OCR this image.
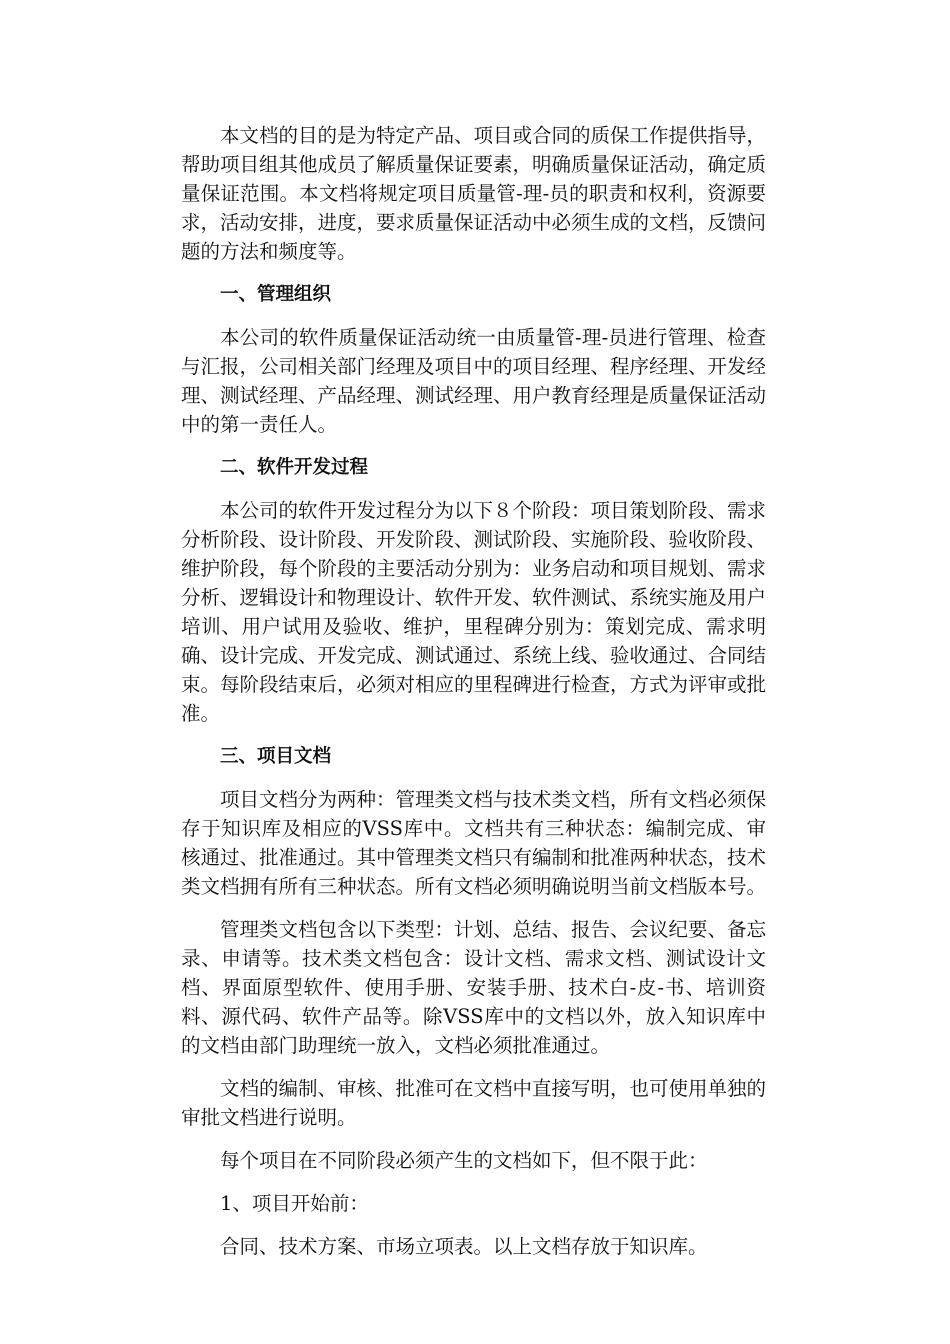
本文档的目的是为特定产品、项目或合同的质保工作提供指导，帮助项目组其他成员了解质量保证要素，明确质量保证活动，确定质量保证范围。本文档将规定项目质量管-理-员的职责和权利，资源要求，活动安排，进度，要求质量保证活动中必须生成的文档，反馈问题的方法和频度等。

一、管理组织

本公司的软件质量保证活动统一由质量管-理-员进行管理、检查与汇报，公司相关部门经理及项目中的项目经理、程序经理、开发经理、测试经理、产品经理、测试经理、用户教育经理是质量保证活动中的第一责任人。

二、软件开发过程

本公司的软件开发过程分为以下８个阶段：项目策划阶段、需求分析阶段、设计阶段、开发阶段、测试阶段、实施阶段、验收阶段、维护阶段，每个阶段的主要活动分别为：业务启动和项目规划、需求分析、逻辑设计和物理设计、软件开发、软件测试、系统实施及用户培训、用户试用及验收、维护，里程碑分别为：策划完成、需求明确、设计完成、开发完成、测试通过、系统上线、验收通过、合同结束。每阶段结束后，必须对相应的里程碑进行检查，方式为评审或批准。

三、项目文档

项目文档分为两种：管理类文档与技术类文档，所有文档必须保存于知识库及相应的VSS库中。文档共有三种状态：编制完成、审核通过、批准通过。其中管理类文档只有编制和批准两种状态，技术类文档拥有所有三种状态。所有文档必须明确说明当前文档版本号。

管理类文档包含以下类型：计划、总结、报告、会议纪要、备忘录、申请等。技术类文档包含：设计文档、需求文档、测试设计文档、界面原型软件、使用手册、安装手册、技术白-皮-书、培训资料、源代码、软件产品等。除VSS库中的文档以外，放入知识库中的文档由部门助理统一放入，文档必须批准通过。

文档的编制、审核、批准可在文档中直接写明，也可使用单独的审批文档进行说明。

每个项目在不同阶段必须产生的文档如下，但不限于此：

1、项目开始前：

合同、技术方案、市场立项表。以上文档存放于知识库。
